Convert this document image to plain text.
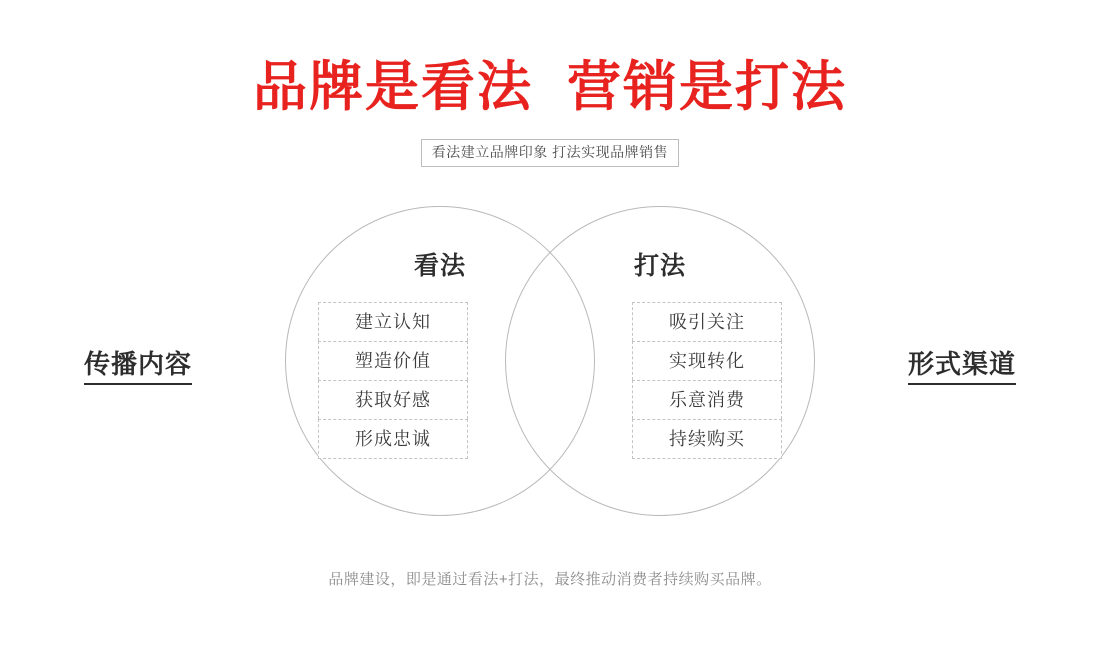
品牌是看法  营销是打法
看法建立品牌印象 打法实现品牌销售
看法
建立认知
塑造价值
获取好感
形成忠诚
打法
吸引关注
实现转化
乐意消费
持续购买
传播内容	形式渠道
品牌建设，即是通过看法+打法，最终推动消费者持续购买品牌。
